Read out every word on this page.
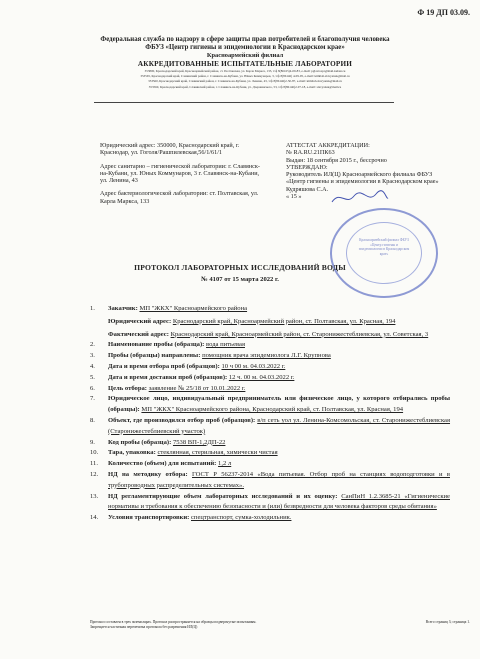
Ф 19 ДП 03.09.
Федеральная служба по надзору в сфере защиты прав потребителей и благополучия человека
ФБУЗ «Центр гигиены и эпидемиологии в Краснодарском крае»
Красноармейский филиал
АККРЕДИТОВАННЫЕ ИСПЫТАТЕЛЬНЫЕ ЛАБОРАТОРИИ
353800, Краснодарский край, Красноармейский район, ст. Полтавская, ул. Карла Маркса, 133, т/ф 8(86165)4-09-83, e-mail: pglavrospt@mail.kuban.ru
353565, Краснодарский край, Славянский район, г. Славянск-на-Кубани, ул. Юных Коммунаров, 3, т/ф 8(86146) 4-09-95, e-mail: kimilab.slavyansk@mail.ru
353560, Краснодарский край, Славянский район, г. Славянск-на-Кубани, ул. Ленина, 43, т/ф 8(86146)2-50-87, e-mail: kimilab.slavyansk@mail.ru
353560, Краснодарский край, Славянский район, г. Славянск-на-Кубани, ул. Дзержинского, 53, т/ф 8(86146)2-07-18, e-mail: slavyansk@mail.ru

Юридический адрес: 350000, Краснодарский край, г. Краснодар, ул. Гоголя/Рашпилевская,56/1/61/1

Адрес санитарно – гигиенической лаборатории: г. Славянск-на-Кубани, ул. Юных Коммунаров, 3 г. Славянск-на-Кубани, ул. Ленина, 43

Адрес бактериологической лаборатории: ст. Полтавская, ул. Карла Маркса, 133

АТТЕСТАТ АККРЕДИТАЦИИ:

№ RA.RU.21ПК63

Выдан: 18 сентября 2015 г., бессрочно

УТВЕРЖДАЮ:

Руководитель ИЛ(Ц) Красноармейского филиала ФБУЗ «Центр гигиены и эпидемиологии в Краснодарском крае» Кудряшова С.А.

« 15 »

Красноармейский филиал ФБУЗ «Центр гигиены и эпидемиологии в Краснодарском крае»
ПРОТОКОЛ ЛАБОРАТОРНЫХ ИССЛЕДОВАНИЙ ВОДЫ
№ 4107 от 15 марта 2022 г.
1. Заказчик: МП "ЖКХ" Красноармейского района
Юридический адрес: Краснодарский край, Красноармейский район, ст. Полтавская, ул. Красная, 194
Фактический адрес: Краснодарский край, Красноармейский район, ст. Старонижестеблиевская, ул. Советская, 3
2. Наименование пробы (образца): вода питьевая
3. Пробы (образцы) направлены: помощник врача эпидемиолога Л.Г. Крупнова
4. Дата и время отбора проб (образцов): 10 ч 00 м. 04.03.2022 г.
5. Дата и время доставки проб (образцов): 12 ч. 00 м. 04.03.2022 г.
6. Цель отбора: заявление № 25/18 от 10.01.2022 г.
7. Юридическое лицо, индивидуальный предприниматель или физическое лицо, у которого отбирались пробы (образцы): МП "ЖКХ" Красноармейского района, Краснодарский край, ст. Полтавская, ул. Красная, 194
8. Объект, где производился отбор проб (образцов): в/п сеть уол ул. Ленина-Комсомольская, ст. Старонижестеблиевская (Старонижестеблиевский участок)
9. Код пробы (образца): 7538 ВП-1,2ДП-22
10. Тара, упаковка: стеклянная, стерильная, химически чистая
11. Количество (объем) для испытаний: 1,2 л
12. НД на методику отбора: ГОСТ Р 56237-2014 «Вода питьевая. Отбор проб на станциях водоподготовки и в трубопроводных распределительных системах».
13. НД регламентирующие объем лабораторных исследований и их оценку: СанПиН 1.2.3685-21 «Гигиенические нормативы и требования к обеспечению безопасности и (или) безвредности для человека факторов среды обитания»
14. Условия транспортировки: спецтранспорт, сумка-холодильник.
Протокол составлен в трех экземплярах. Протокол распространяется на образцы подвергнутые испытаниям.
Запрещается частичная перепечатка протокола без разрешения ИЛ(Ц)
Всего страниц 3; страница 1.
